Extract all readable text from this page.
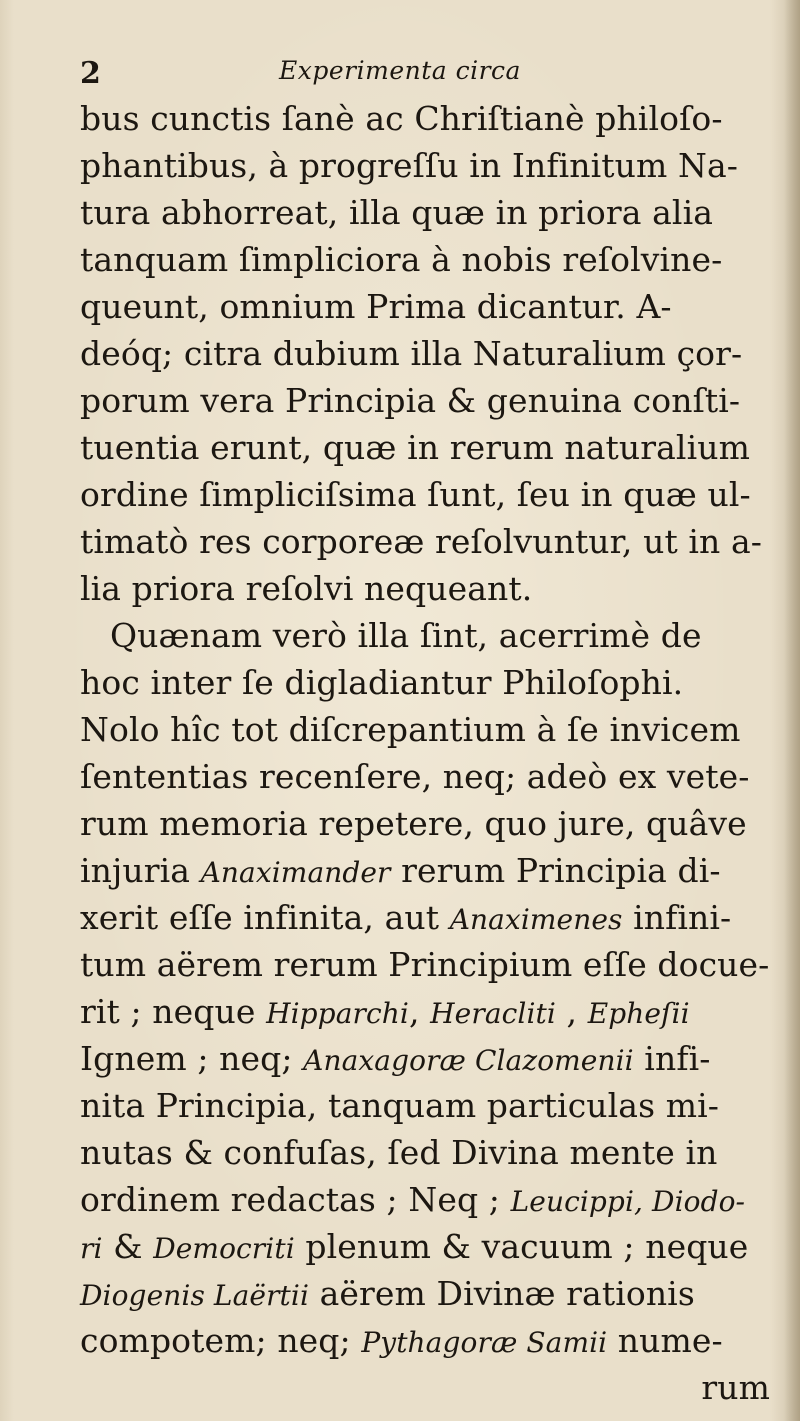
2	Experimenta circa
bus cunctis ſanè ac Chriſtianè philoſo-
phantibus, à progreſſu in Infinitum Na-
tura abhorreat, illa quæ in priora alia
tanquam ſimpliciora à nobis reſolvine-
queunt, omnium Prima dicantur. A-
deóq; citra dubium illa Naturalium çor-
porum vera Principia & genuina conſti-
tuentia erunt, quæ in rerum naturalium
ordine ſimpliciſsima ſunt, ſeu in quæ ul-
timatò res corporeæ reſolvuntur, ut in a-
lia priora reſolvi nequeant.
Quænam verò illa ſint, acerrimè de
hoc inter ſe digladiantur Philoſophi.
Nolo hîc tot diſcrepantium à ſe invicem
ſententias recenſere, neq; adeò ex vete-
rum memoria repetere, quo jure, quâve
injuria Anaximander rerum Principia di-
xerit eſſe infinita, aut Anaximenes infini-
tum aërem rerum Principium eſſe docue-
rit ; neque Hipparchi, Heracliti , Epheſii
Ignem ; neq; Anaxagoræ Clazomenii infi-
nita Principia, tanquam particulas mi-
nutas & confuſas, ſed Divina mente in
ordinem redactas ; Neq ; Leucippi, Diodo-
ri & Democriti plenum & vacuum ; neque
Diogenis Laërtii aërem Divinæ rationis
compotem; neq; Pythagoræ Samii nume-
rum
